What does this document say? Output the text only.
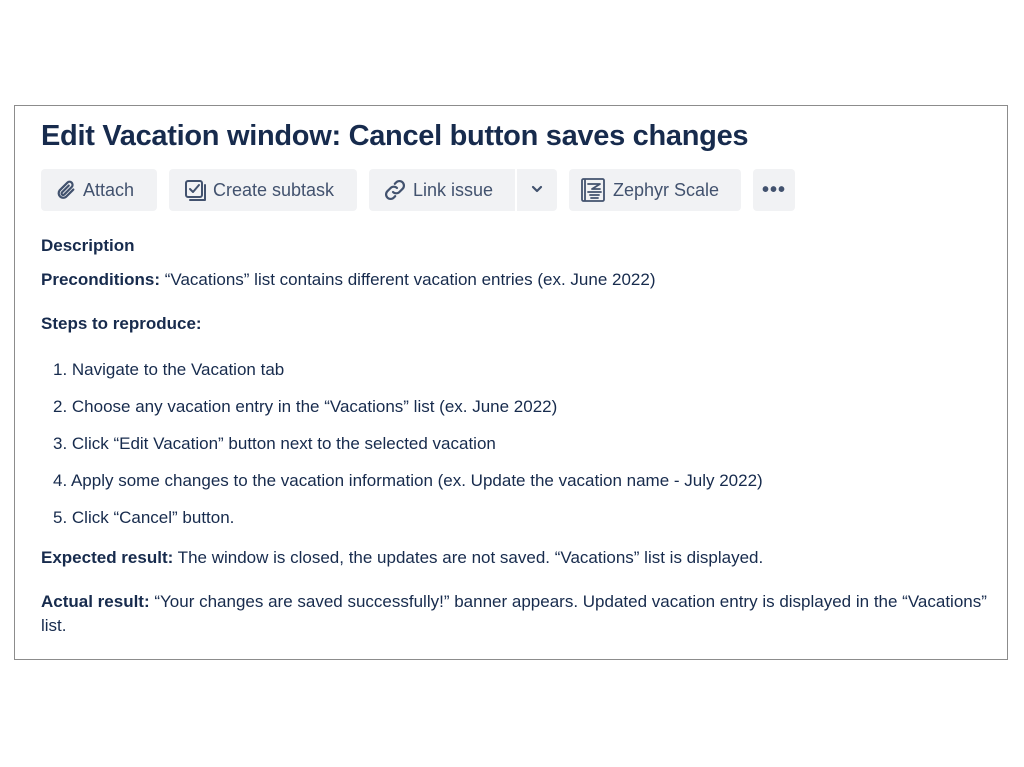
Edit Vacation window: Cancel button saves changes
Attach	Create subtask	Link issue	Zephyr Scale •••
Description

Preconditions: “Vacations” list contains different vacation entries (ex. June 2022)

Steps to reproduce:
1. Navigate to the Vacation tab
2. Choose any vacation entry in the “Vacations” list (ex. June 2022)
3. Click “Edit Vacation” button next to the selected vacation
4. Apply some changes to the vacation information (ex. Update the vacation name - July 2022)
5. Click “Cancel” button.

Expected result: The window is closed, the updates are not saved. “Vacations” list is displayed.

Actual result: “Your changes are saved successfully!” banner appears. Updated vacation entry is displayed in the “Vacations” list.
